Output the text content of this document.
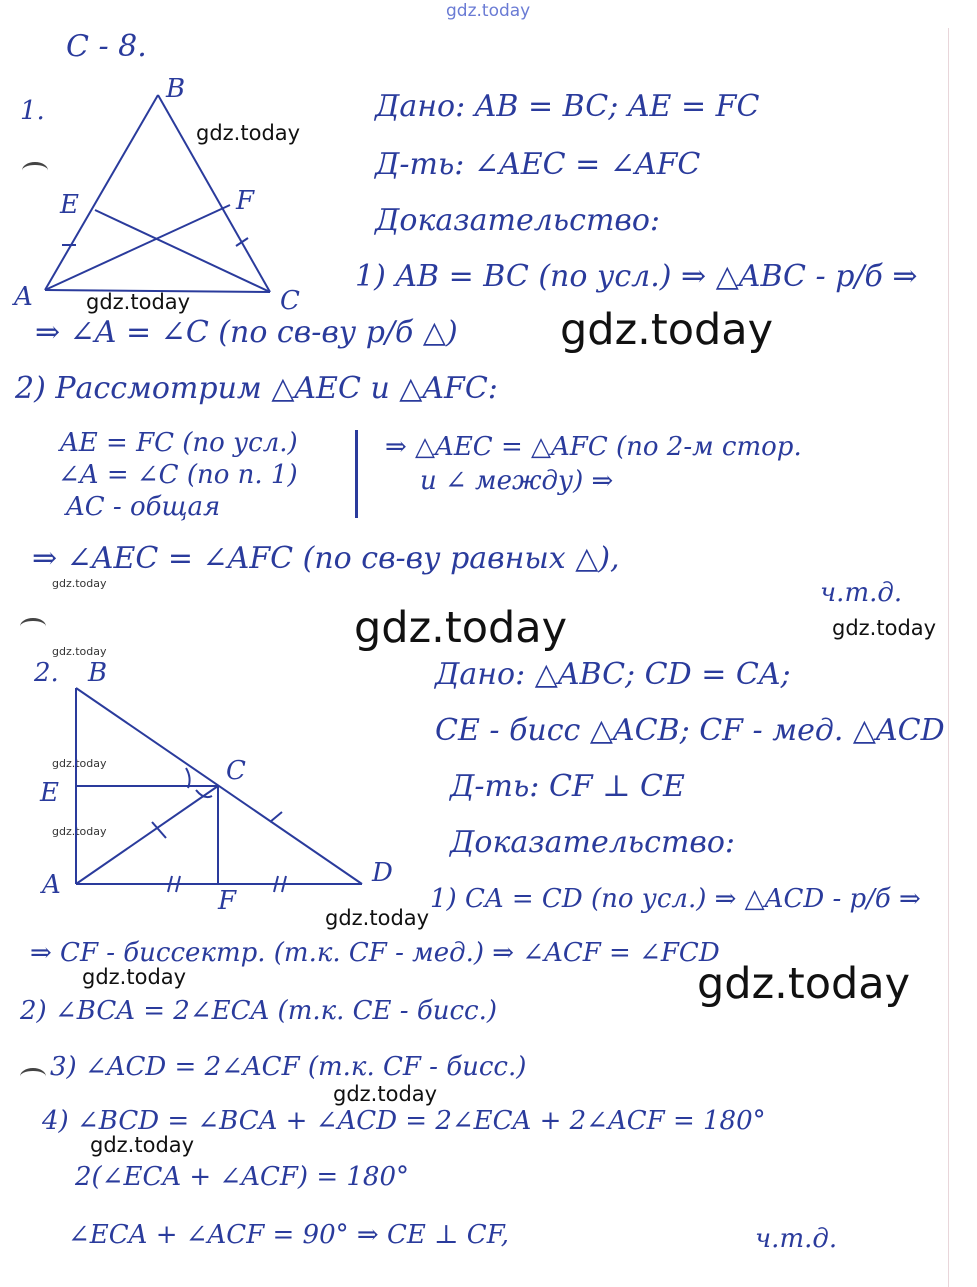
gdz.today
gdz.today
gdz.today
gdz.today
gdz.today
gdz.today	gdz.today
gdz.today
gdz.today
gdz.today
gdz.today
gdz.today	gdz.today
gdz.today
gdz.today
С - 8.
1.
B
E	F
A	C
Дано: AB = BC; AE = FC
Д-ть: ∠AEC = ∠AFC
Доказательство:
1) AB = BC (по усл.) ⇒ △ABC - р/б ⇒
⇒ ∠A = ∠C (по св-ву р/б △)
2) Рассмотрим △AEC и △AFC:
AE = FC (по усл.)
∠A = ∠C (по п. 1)
AC - общая
⇒ △AEC = △AFC (по 2-м стор.
и ∠ между) ⇒
⇒ ∠AEC = ∠AFC (по св-ву равных △),
ч.т.д.
2. B
C
E
A
F
D
Дано: △ABC; CD = CA;
CE - бисс △ACB; CF - мед. △ACD
Д-ть: CF ⊥ CE
Доказательство:
1) CA = CD (по усл.) ⇒ △ACD - р/б ⇒
⇒ CF - биссектр. (т.к. CF - мед.) ⇒ ∠ACF = ∠FCD
2) ∠BCA = 2∠ECA (т.к. CE - бисс.)
3) ∠ACD = 2∠ACF (т.к. CF - бисс.)
4) ∠BCD = ∠BCA + ∠ACD = 2∠ECA + 2∠ACF = 180°
2(∠ECA + ∠ACF) = 180°
∠ECA + ∠ACF = 90° ⇒ CE ⊥ CF,	ч.т.д.
